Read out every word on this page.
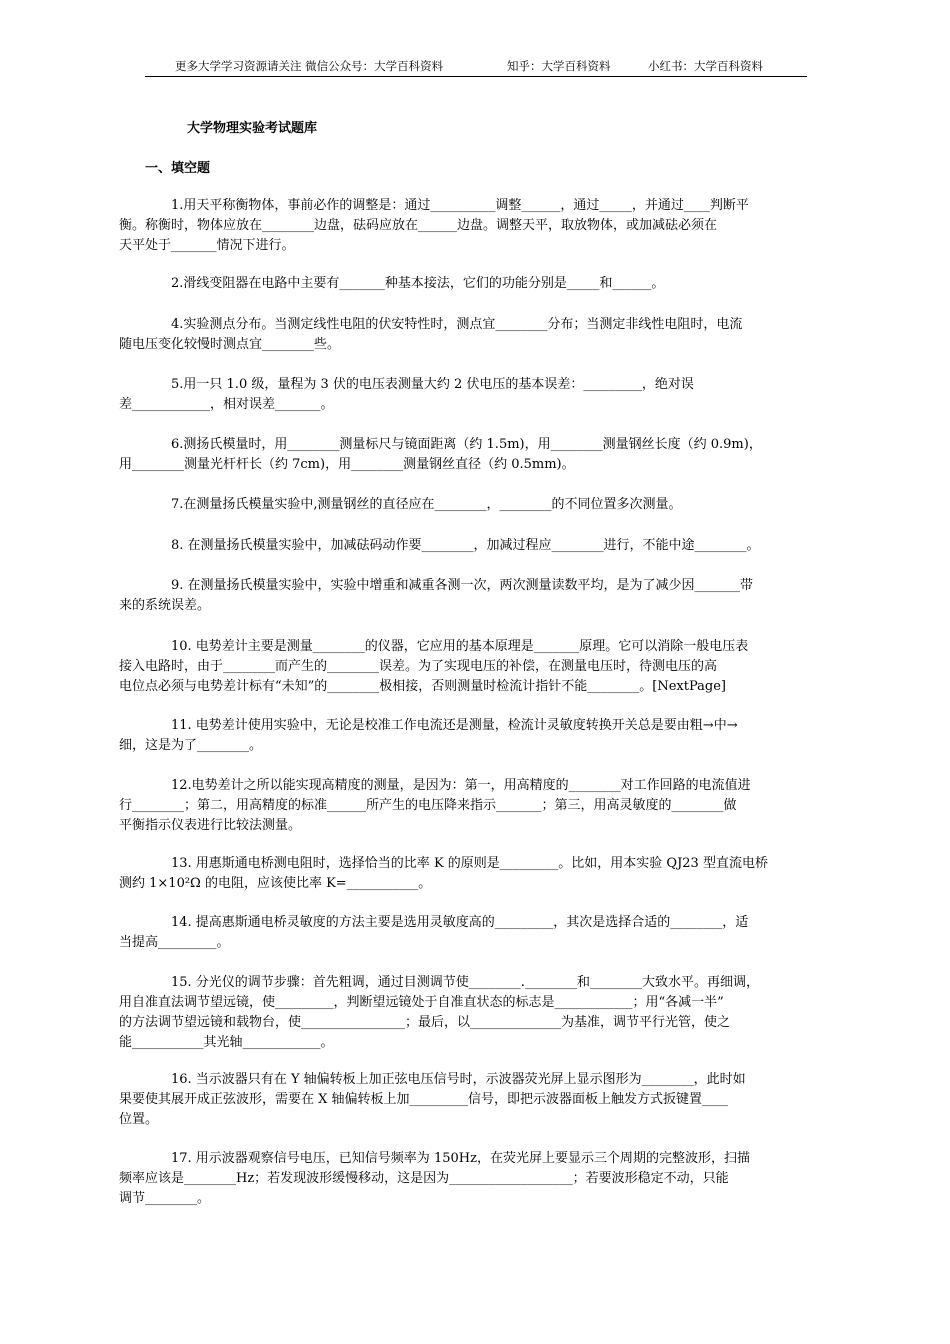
更多大学学习资源请关注 微信公众号：大学百科资料	知乎：大学百科资料	小红书：大学百科资料
大学物理实验考试题库
一、填空题
1.用天平称衡物体，事前必作的调整是：通过__________调整______，通过_____，并通过____判断平
衡。称衡时，物体应放在________边盘，砝码应放在______边盘。调整天平，取放物体，或加减砝必须在
天平处于_______情况下进行。
2.滑线变阻器在电路中主要有_______种基本接法，它们的功能分别是_____和______。
4.实验测点分布。当测定线性电阻的伏安特性时，测点宜________分布；当测定非线性电阻时，电流
随电压变化较慢时测点宜________些。
5.用一只 1.0 级，量程为 3 伏的电压表测量大约 2 伏电压的基本误差：_________，绝对误
差____________，相对误差_______。
6.测扬氏模量时，用________测量标尺与镜面距离（约 1.5m)，用________测量钢丝长度（约 0.9m)，
用________测量光杆杆长（约 7cm)，用________测量钢丝直径（约 0.5mm)。
7.在测量扬氏模量实验中,测量钢丝的直径应在________，________的不同位置多次测量。
8. 在测量扬氏模量实验中，加减砝码动作要________，加减过程应________进行，不能中途________。
9. 在测量扬氏模量实验中，实验中增重和减重各测一次，两次测量读数平均，是为了减少因_______带
来的系统误差。
10. 电势差计主要是测量________的仪器，它应用的基本原理是_______原理。它可以消除一般电压表
接入电路时，由于________而产生的________误差。为了实现电压的补偿，在测量电压时，待测电压的高
电位点必须与电势差计标有“未知”的________极相接，否则测量时检流计指针不能________。[NextPage]
11. 电势差计使用实验中，无论是校准工作电流还是测量，检流计灵敏度转换开关总是要由粗→中→
细，这是为了________。
12.电势差计之所以能实现高精度的测量，是因为：第一，用高精度的________对工作回路的电流值进
行________；第二，用高精度的标准______所产生的电压降来指示_______；第三，用高灵敏度的________做
平衡指示仪表进行比较法测量。
13. 用惠斯通电桥测电阻时，选择恰当的比率 K 的原则是_________。比如，用本实验 QJ23 型直流电桥
测约 1×10²Ω 的电阻，应该使比率 K=___________。
14. 提高惠斯通电桥灵敏度的方法主要是选用灵敏度高的_________，其次是选择合适的________，适
当提高_________。
15. 分光仪的调节步骤：首先粗调，通过目测调节使________.________和________大致水平。再细调，
用自准直法调节望远镜，使_________，判断望远镜处于自准直状态的标志是____________；用“各减一半”
的方法调节望远镜和载物台，使________________；最后，以______________为基准，调节平行光管，使之
能___________其光轴____________。
16. 当示波器只有在 Y 轴偏转板上加正弦电压信号时，示波器荧光屏上显示图形为________，此时如
果要使其展开成正弦波形，需要在 X 轴偏转板上加_________信号，即把示波器面板上触发方式扳键置____
位置。
17. 用示波器观察信号电压，已知信号频率为 150Hz，在荧光屏上要显示三个周期的完整波形，扫描
频率应该是________Hz；若发现波形缓慢移动，这是因为___________________；若要波形稳定不动，只能
调节________。
